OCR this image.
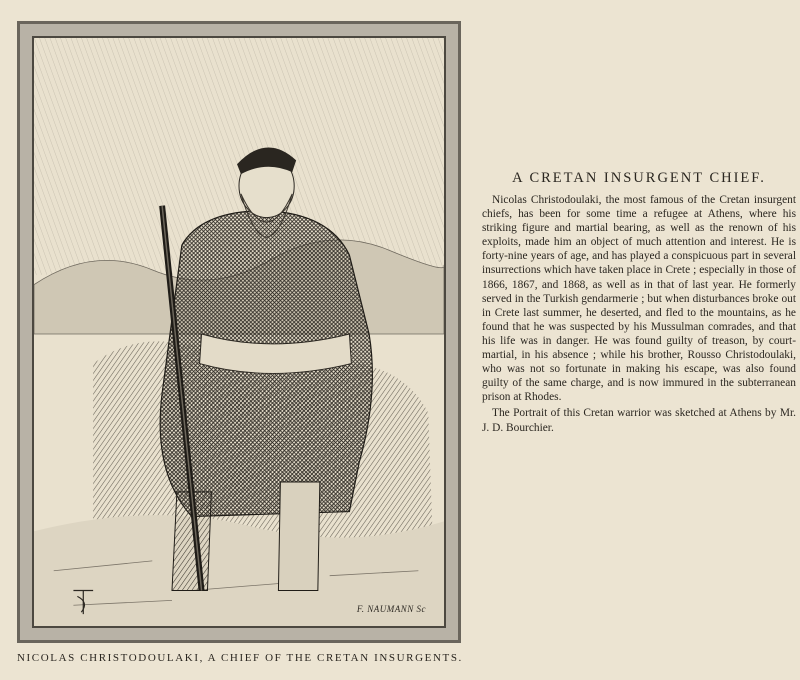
F. NAUMANN Sc
NICOLAS CHRISTODOULAKI, A CHIEF OF THE CRETAN INSURGENTS.
A CRETAN INSURGENT CHIEF.

Nicolas Christodoulaki, the most famous of the Cretan insurgent chiefs, has been for some time a refugee at Athens, where his striking figure and martial bearing, as well as the renown of his exploits, made him an object of much attention and interest. He is forty-nine years of age, and has played a conspicuous part in several insurrections which have taken place in Crete ; especially in those of 1866, 1867, and 1868, as well as in that of last year. He formerly served in the Turkish gendarmerie ; but when disturbances broke out in Crete last summer, he deserted, and fled to the mountains, as he found that he was suspected by his Mussulman comrades, and that his life was in danger. He was found guilty of treason, by court-martial, in his absence ; while his brother, Rousso Christodoulaki, who was not so fortunate in making his escape, was also found guilty of the same charge, and is now immured in the subterranean prison at Rhodes.

The Portrait of this Cretan warrior was sketched at Athens by Mr. J. D. Bourchier.
